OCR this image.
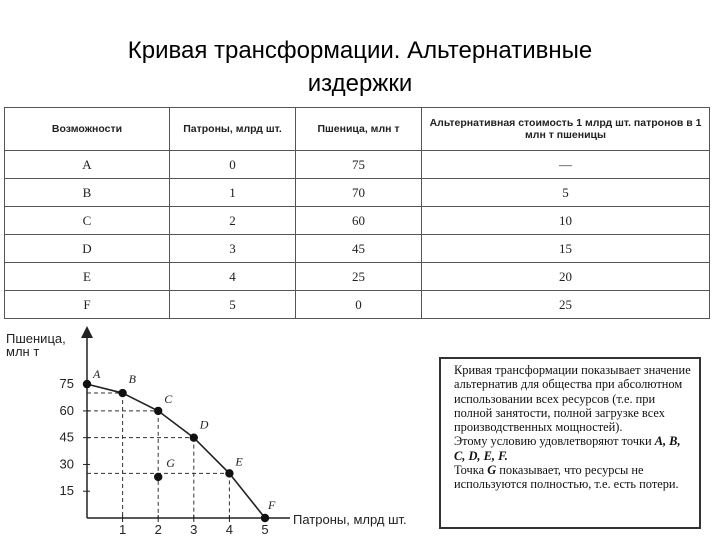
Кривая трансформации. Альтернативные
издержки
Возможности	Патроны, млрд шт.	Пшеница, млн т	Альтернативная стоимость 1 млрд шт. патронов в 1 млн т пшеницы
A	0	75	—
B	1	70	5
C	2	60	10
D	3	45	15
E	4	25	20
F	5	0	25
1 2 3 4 5
75
60
45
30
15
A B
C
D
E
F
G
Пшеница,
млн т
Патроны, млрд шт.

Кривая трансформации показывает значение альтернатив для общества при абсолютном использовании всех ресурсов (т.е. при полной занятости, полной загрузке всех производственных мощностей).

Этому условию удовлетворяют точки A, B, C, D, E, F.

Точка G показывает, что ресурсы не используются полностью, т.е. есть потери.
